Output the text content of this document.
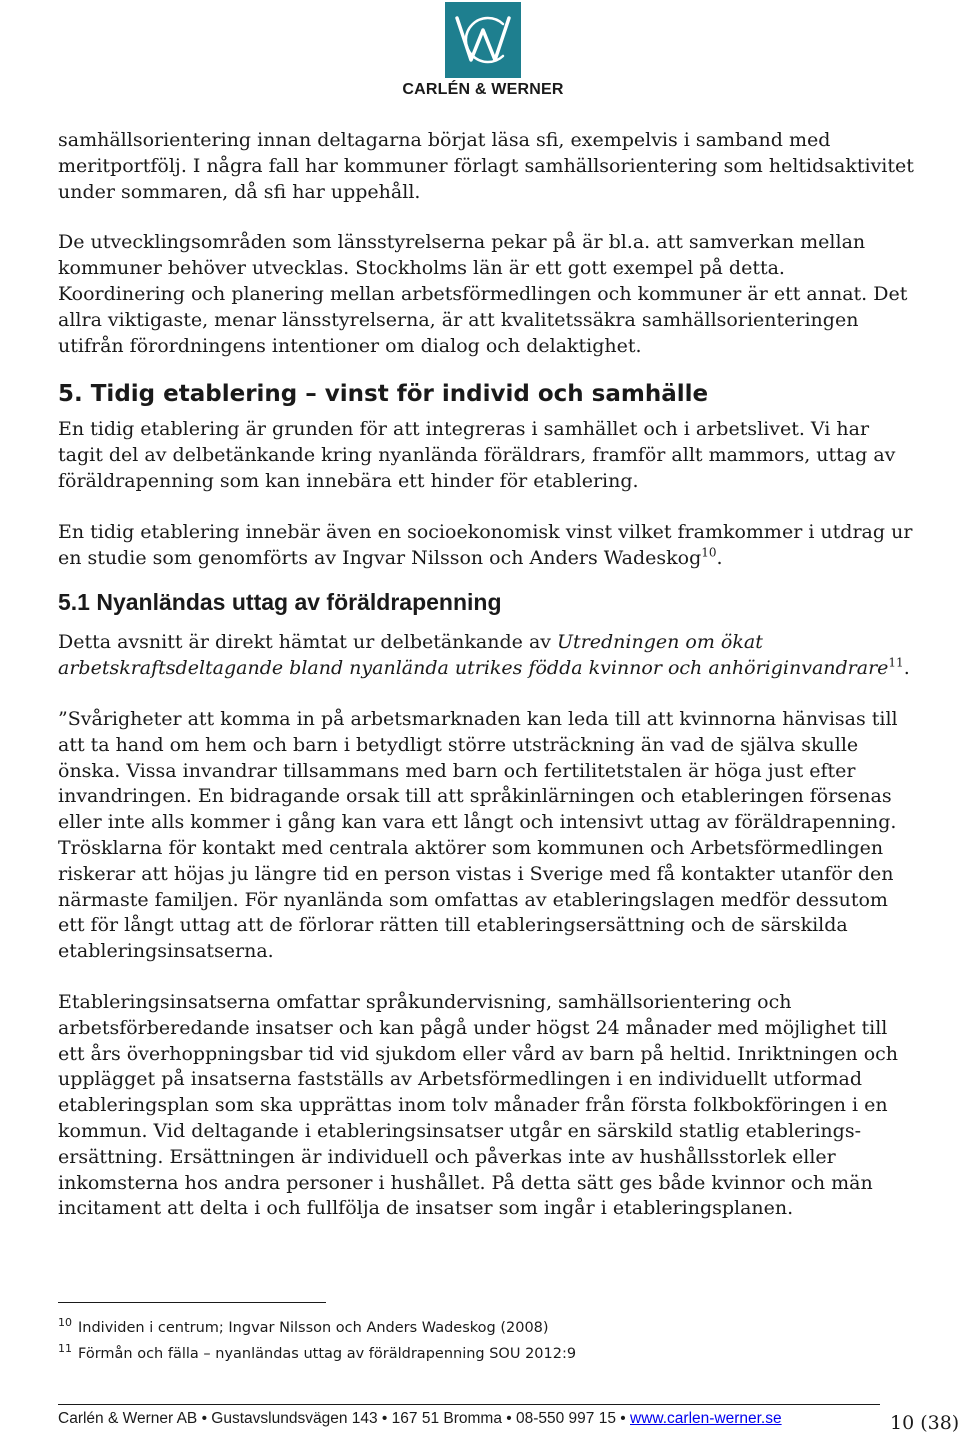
CARLÉN & WERNER

samhällsorientering innan deltagarna börjat läsa sfi, exempelvis i samband med meritportfölj. I några fall har kommuner förlagt samhällsorientering som heltidsaktivitet under sommaren, då sfi har uppehåll.

De utvecklingsområden som länsstyrelserna pekar på är bl.a. att samverkan mellan kommuner behöver utvecklas. Stockholms län är ett gott exempel på detta. Koordinering och planering mellan arbetsförmedlingen och kommuner är ett annat. Det allra viktigaste, menar länsstyrelserna, är att kvalitetssäkra samhällsorienteringen utifrån förordningens intentioner om dialog och delaktighet.

5. Tidig etablering – vinst för individ och samhälle

En tidig etablering är grunden för att integreras i samhället och i arbetslivet. Vi har tagit del av delbetänkande kring nyanlända föräldrars, framför allt mammors, uttag av föräldrapenning som kan innebära ett hinder för etablering.

En tidig etablering innebär även en socioekonomisk vinst vilket framkommer i utdrag ur en studie som genomförts av Ingvar Nilsson och Anders Wadeskog$^{10}$.

5.1 Nyanländas uttag av föräldrapenning

Detta avsnitt är direkt hämtat ur delbetänkande av Utredningen om ökat arbetskraftsdeltagande bland nyanlända utrikes födda kvinnor och anhöriginvandrare$^{11}$.

”Svårigheter att komma in på arbetsmarknaden kan leda till att kvinnorna hänvisas till att ta hand om hem och barn i betydligt större utsträckning än vad de själva skulle önska. Vissa invandrar tillsammans med barn och fertilitetstalen är höga just efter invandringen. En bidragande orsak till att språkinlärningen och etableringen försenas eller inte alls kommer i gång kan vara ett långt och intensivt uttag av föräldrapenning. Trösklarna för kontakt med centrala aktörer som kommunen och Arbetsförmedlingen riskerar att höjas ju längre tid en person vistas i Sverige med få kontakter utanför den närmaste familjen. För nyanlända som omfattas av etableringslagen medför dessutom ett för långt uttag att de förlorar rätten till etableringsersättning och de särskilda etableringsinsatserna.

Etableringsinsatserna omfattar språkundervisning, samhällsorientering och arbetsförberedande insatser och kan pågå under högst 24 månader med möjlighet till ett års överhoppningsbar tid vid sjukdom eller vård av barn på heltid. Inriktningen och upplägget på insatserna fastställs av Arbetsförmedlingen i en individuellt utformad etableringsplan som ska upprättas inom tolv månader från första folkbokföringen i en kommun. Vid deltagande i etableringsinsatser utgår en särskild statlig etablerings-ersättning. Ersättningen är individuell och påverkas inte av hushållsstorlek eller inkomsterna hos andra personer i hushållet. På detta sätt ges både kvinnor och män incitament att delta i och fullfölja de insatser som ingår i etableringsplanen.

$^{10}$ Individen i centrum; Ingvar Nilsson och Anders Wadeskog (2008)
$^{11}$ Förmån och fälla – nyanländas uttag av föräldrapenning SOU 2012:9
Carlén & Werner AB • Gustavslundsvägen 143 • 167 51 Bromma • 08-550 997 15 • www.carlen-werner.se	10 (38)
